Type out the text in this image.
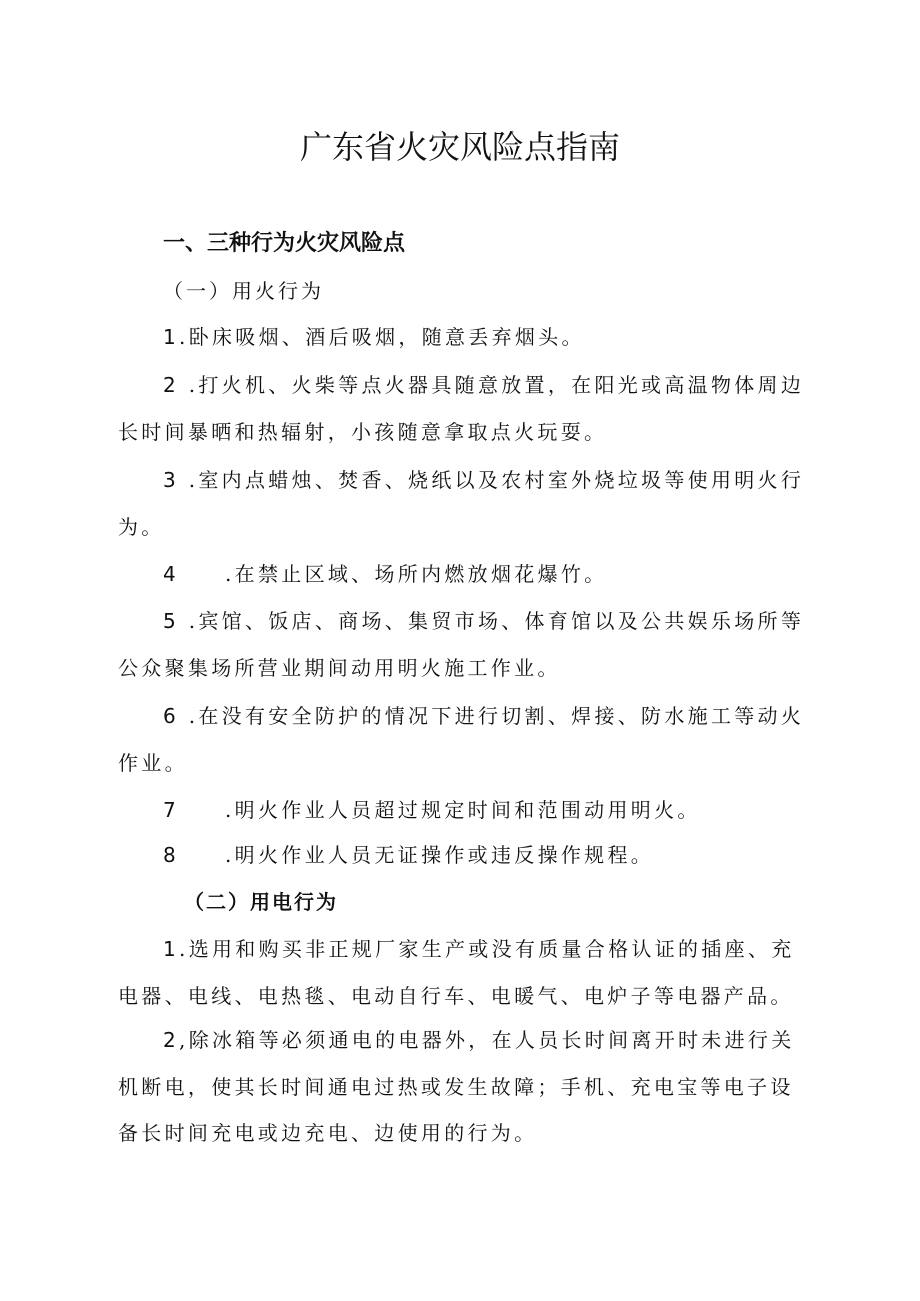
广东省火灾风险点指南
一、三种行为火灾风险点
（一）用火行为
1.卧床吸烟、酒后吸烟，随意丢弃烟头。
2 .打火机、火柴等点火器具随意放置，在阳光或高温物体周边
长时间暴晒和热辐射，小孩随意拿取点火玩耍。
3 .室内点蜡烛、焚香、烧纸以及农村室外烧垃圾等使用明火行
为。
4 .在禁止区域、场所内燃放烟花爆竹。
5 .宾馆、饭店、商场、集贸市场、体育馆以及公共娱乐场所等
公众聚集场所营业期间动用明火施工作业。
6 .在没有安全防护的情况下进行切割、焊接、防水施工等动火
作业。
7 .明火作业人员超过规定时间和范围动用明火。
8 .明火作业人员无证操作或违反操作规程。
（二）用电行为
1.选用和购买非正规厂家生产或没有质量合格认证的插座、充
电器、电线、电热毯、电动自行车、电暖气、电炉子等电器产品。
2,除冰箱等必须通电的电器外，在人员长时间离开时未进行关
机断电，使其长时间通电过热或发生故障；手机、充电宝等电子设
备长时间充电或边充电、边使用的行为。
